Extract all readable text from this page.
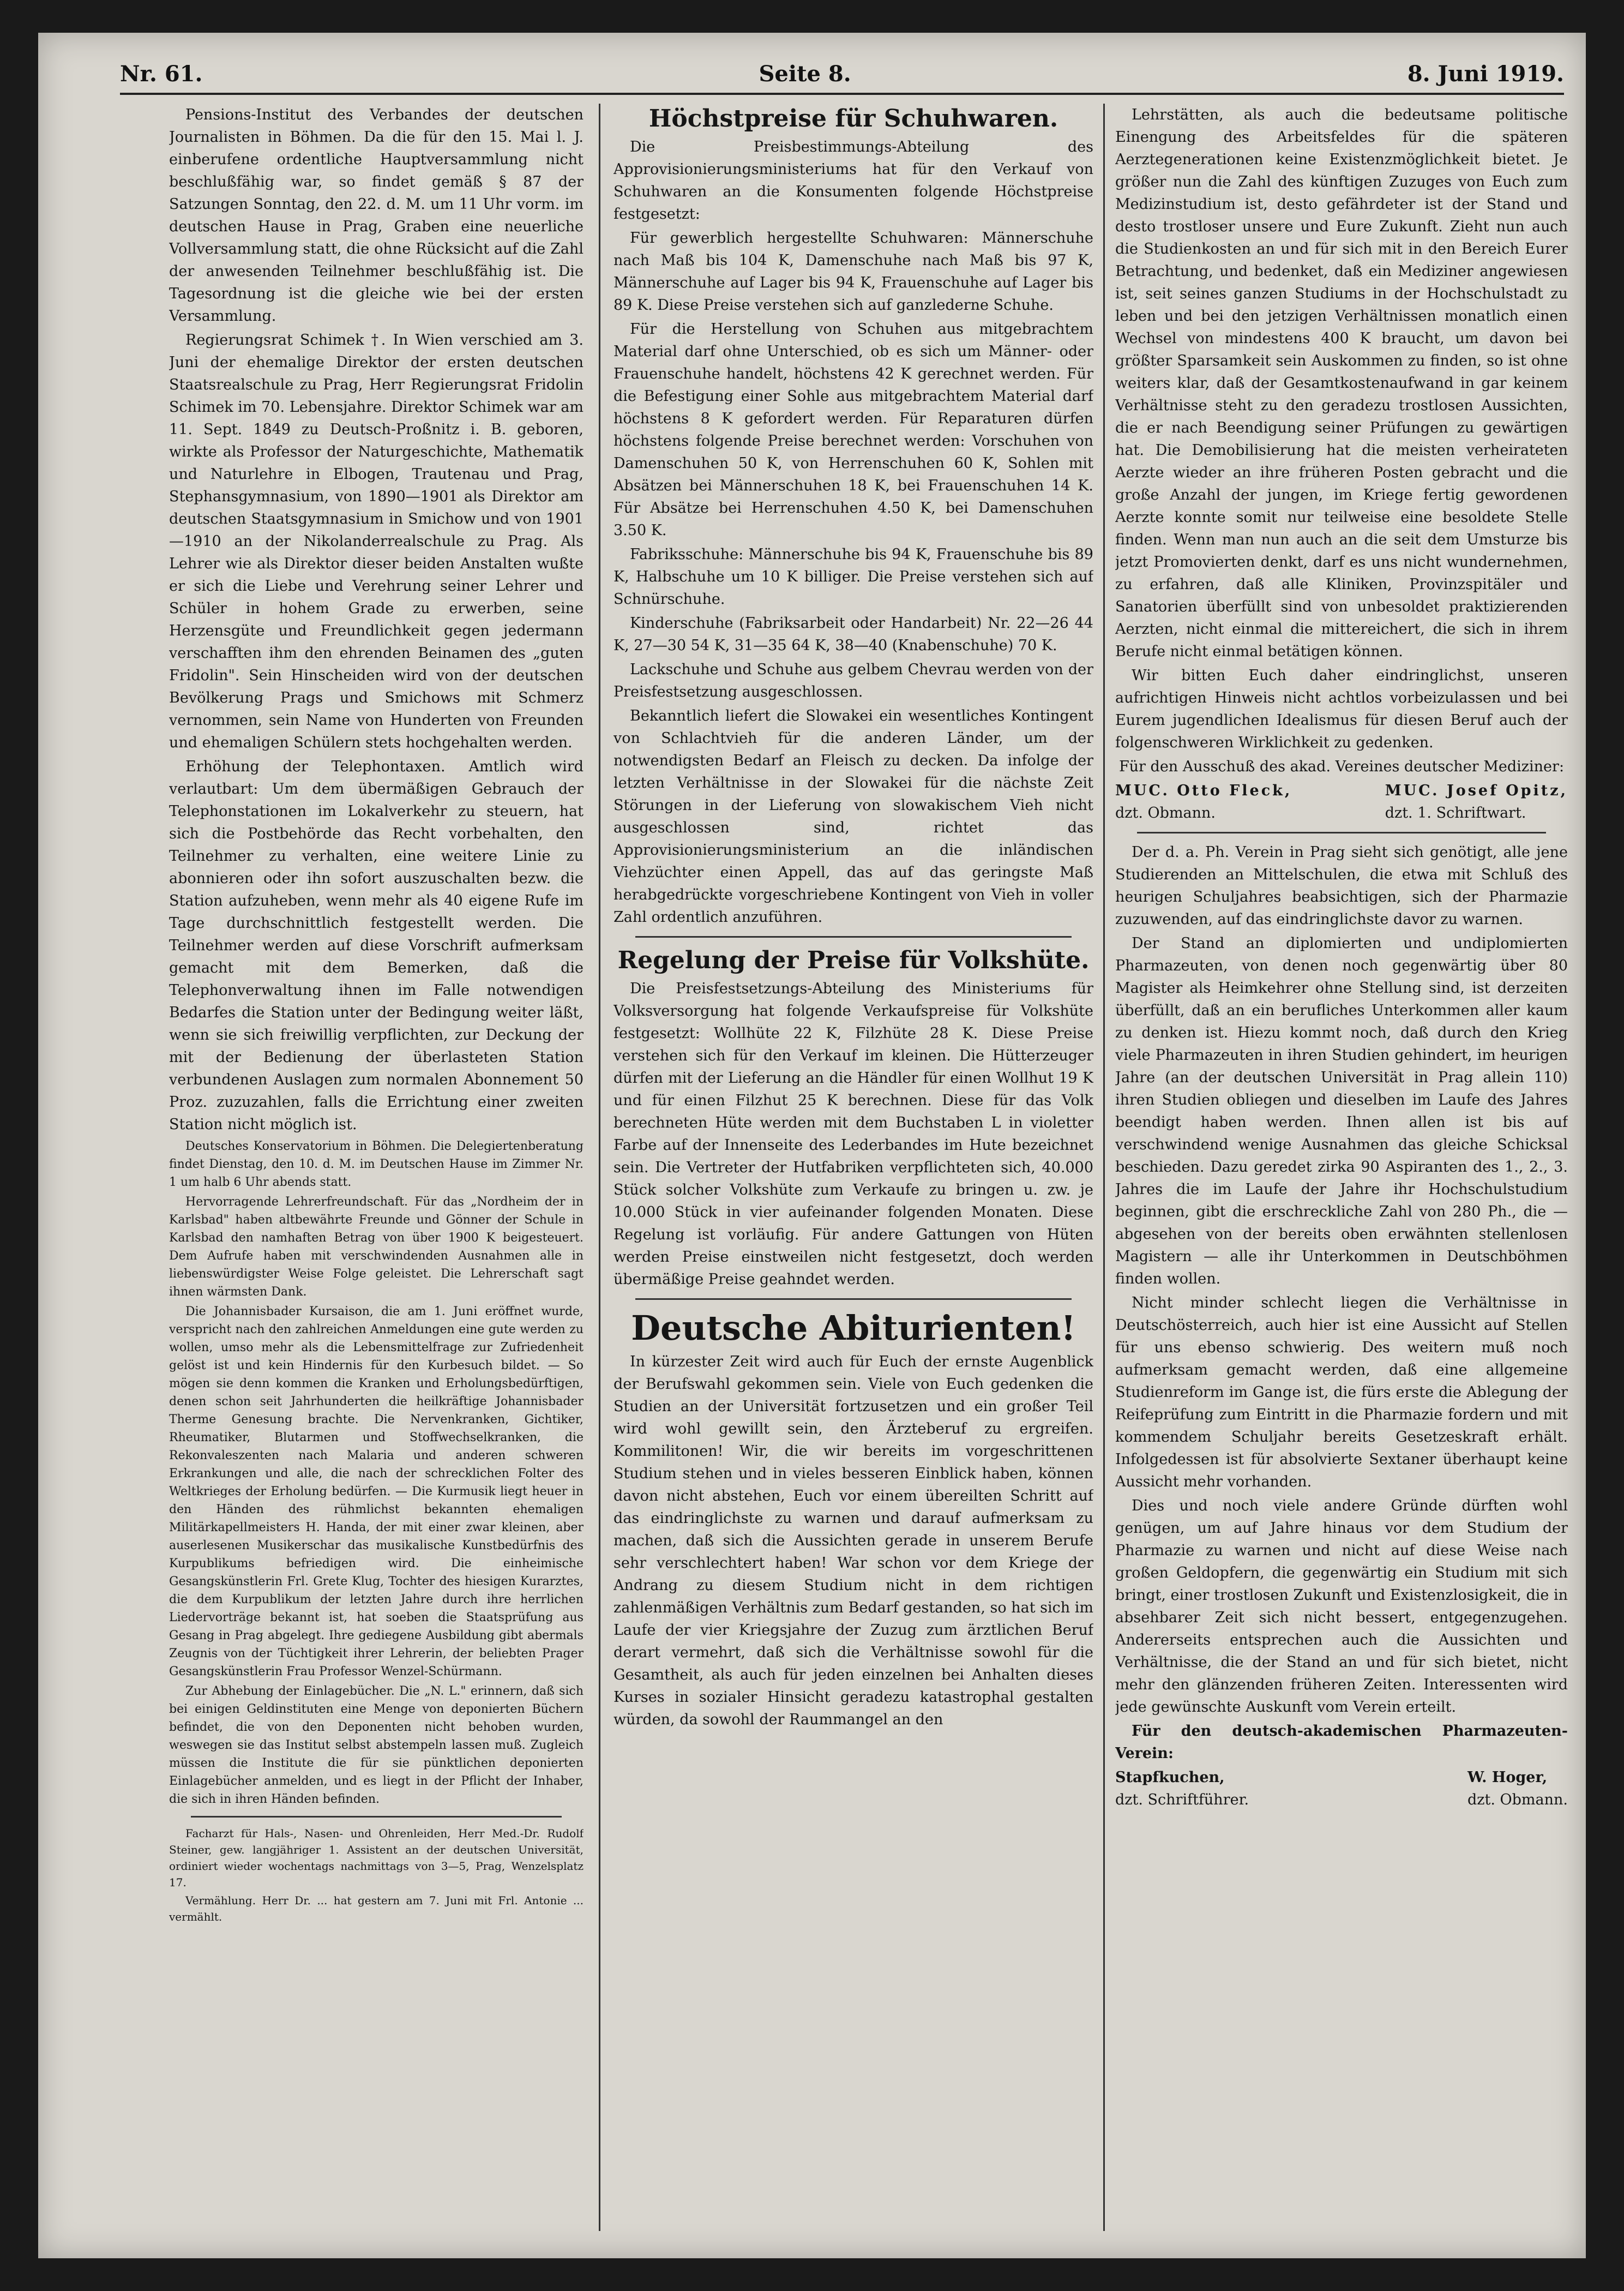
Nr. 61.	Seite 8.	8. Juni 1919.

Pensions-Institut des Verbandes der deutschen Journalisten in Böhmen. Da die für den 15. Mai l. J. einberufene ordentliche Hauptversammlung nicht beschlußfähig war, so findet gemäß § 87 der Satzungen Sonntag, den 22. d. M. um 11 Uhr vorm. im deutschen Hause in Prag, Graben eine neuerliche Vollversammlung statt, die ohne Rücksicht auf die Zahl der anwesenden Teilnehmer beschlußfähig ist. Die Tagesordnung ist die gleiche wie bei der ersten Versammlung.

Regierungsrat Schimek †. In Wien verschied am 3. Juni der ehemalige Direktor der ersten deutschen Staatsrealschule zu Prag, Herr Regierungsrat Fridolin Schimek im 70. Lebensjahre. Direktor Schimek war am 11. Sept. 1849 zu Deutsch-Proßnitz i. B. geboren, wirkte als Professor der Naturgeschichte, Mathematik und Naturlehre in Elbogen, Trautenau und Prag, Stephansgymnasium, von 1890—1901 als Direktor am deutschen Staatsgymnasium in Smichow und von 1901—1910 an der Nikolanderrealschule zu Prag. Als Lehrer wie als Direktor dieser beiden Anstalten wußte er sich die Liebe und Verehrung seiner Lehrer und Schüler in hohem Grade zu erwerben, seine Herzensgüte und Freundlichkeit gegen jedermann verschafften ihm den ehrenden Beinamen des „guten Fridolin". Sein Hinscheiden wird von der deutschen Bevölkerung Prags und Smichows mit Schmerz vernommen, sein Name von Hunderten von Freunden und ehemaligen Schülern stets hochgehalten werden.

Erhöhung der Telephontaxen. Amtlich wird verlautbart: Um dem übermäßigen Gebrauch der Telephonstationen im Lokalverkehr zu steuern, hat sich die Postbehörde das Recht vorbehalten, den Teilnehmer zu verhalten, eine weitere Linie zu abonnieren oder ihn sofort auszuschalten bezw. die Station aufzuheben, wenn mehr als 40 eigene Rufe im Tage durchschnittlich festgestellt werden. Die Teilnehmer werden auf diese Vorschrift aufmerksam gemacht mit dem Bemerken, daß die Telephonverwaltung ihnen im Falle notwendigen Bedarfes die Station unter der Bedingung weiter läßt, wenn sie sich freiwillig verpflichten, zur Deckung der mit der Bedienung der überlasteten Station verbundenen Auslagen zum normalen Abonnement 50 Proz. zuzuzahlen, falls die Errichtung einer zweiten Station nicht möglich ist.

Deutsches Konservatorium in Böhmen. Die Delegiertenberatung findet Dienstag, den 10. d. M. im Deutschen Hause im Zimmer Nr. 1 um halb 6 Uhr abends statt.

Hervorragende Lehrerfreundschaft. Für das „Nordheim der in Karlsbad" haben altbewährte Freunde und Gönner der Schule in Karlsbad den namhaften Betrag von über 1900 K beigesteuert. Dem Aufrufe haben mit verschwindenden Ausnahmen alle in liebenswürdigster Weise Folge geleistet. Die Lehrerschaft sagt ihnen wärmsten Dank.

Die Johannisbader Kursaison, die am 1. Juni eröffnet wurde, verspricht nach den zahlreichen Anmeldungen eine gute werden zu wollen, umso mehr als die Lebensmittelfrage zur Zufriedenheit gelöst ist und kein Hindernis für den Kurbesuch bildet. — So mögen sie denn kommen die Kranken und Erholungsbedürftigen, denen schon seit Jahrhunderten die heilkräftige Johannisbader Therme Genesung brachte. Die Nervenkranken, Gichtiker, Rheumatiker, Blutarmen und Stoffwechselkranken, die Rekonvaleszenten nach Malaria und anderen schweren Erkrankungen und alle, die nach der schrecklichen Folter des Weltkrieges der Erholung bedürfen. — Die Kurmusik liegt heuer in den Händen des rühmlichst bekannten ehemaligen Militärkapellmeisters H. Handa, der mit einer zwar kleinen, aber auserlesenen Musikerschar das musikalische Kunstbedürfnis des Kurpublikums befriedigen wird. Die einheimische Gesangskünstlerin Frl. Grete Klug, Tochter des hiesigen Kurarztes, die dem Kurpublikum der letzten Jahre durch ihre herrlichen Liedervorträge bekannt ist, hat soeben die Staatsprüfung aus Gesang in Prag abgelegt. Ihre gediegene Ausbildung gibt abermals Zeugnis von der Tüchtigkeit ihrer Lehrerin, der beliebten Prager Gesangskünstlerin Frau Professor Wenzel-Schürmann.

Zur Abhebung der Einlagebücher. Die „N. L." erinnern, daß sich bei einigen Geldinstituten eine Menge von deponierten Büchern befindet, die von den Deponenten nicht behoben wurden, weswegen sie das Institut selbst abstempeln lassen muß. Zugleich müssen die Institute die für sie pünktlichen deponierten Einlagebücher anmelden, und es liegt in der Pflicht der Inhaber, die sich in ihren Händen befinden.

Facharzt für Hals-, Nasen- und Ohrenleiden, Herr Med.-Dr. Rudolf Steiner, gew. langjähriger 1. Assistent an der deutschen Universität, ordiniert wieder wochentags nachmittags von 3—5, Prag, Wenzelsplatz 17.

Vermählung. Herr Dr. ... hat gestern am 7. Juni mit Frl. Antonie ... vermählt.

Höchstpreise für Schuhwaren.

Die Preisbestimmungs-Abteilung des Approvisionierungsministeriums hat für den Verkauf von Schuhwaren an die Konsumenten folgende Höchstpreise festgesetzt:

Für gewerblich hergestellte Schuhwaren: Männerschuhe nach Maß bis 104 K, Damenschuhe nach Maß bis 97 K, Männerschuhe auf Lager bis 94 K, Frauenschuhe auf Lager bis 89 K. Diese Preise verstehen sich auf ganzlederne Schuhe.

Für die Herstellung von Schuhen aus mitgebrachtem Material darf ohne Unterschied, ob es sich um Männer- oder Frauenschuhe handelt, höchstens 42 K gerechnet werden. Für die Befestigung einer Sohle aus mitgebrachtem Material darf höchstens 8 K gefordert werden. Für Reparaturen dürfen höchstens folgende Preise berechnet werden: Vorschuhen von Damenschuhen 50 K, von Herrenschuhen 60 K, Sohlen mit Absätzen bei Männerschuhen 18 K, bei Frauenschuhen 14 K. Für Absätze bei Herrenschuhen 4.50 K, bei Damenschuhen 3.50 K.

Fabriksschuhe: Männerschuhe bis 94 K, Frauenschuhe bis 89 K, Halbschuhe um 10 K billiger. Die Preise verstehen sich auf Schnürschuhe.

Kinderschuhe (Fabriksarbeit oder Handarbeit) Nr. 22—26 44 K, 27—30 54 K, 31—35 64 K, 38—40 (Knabenschuhe) 70 K.

Lackschuhe und Schuhe aus gelbem Chevrau werden von der Preisfestsetzung ausgeschlossen.

Bekanntlich liefert die Slowakei ein wesentliches Kontingent von Schlachtvieh für die anderen Länder, um der notwendigsten Bedarf an Fleisch zu decken. Da infolge der letzten Verhältnisse in der Slowakei für die nächste Zeit Störungen in der Lieferung von slowakischem Vieh nicht ausgeschlossen sind, richtet das Approvisionierungsministerium an die inländischen Viehzüchter einen Appell, das auf das geringste Maß herabgedrückte vorgeschriebene Kontingent von Vieh in voller Zahl ordentlich anzuführen.

Regelung der Preise für Volkshüte.

Die Preisfestsetzungs-Abteilung des Ministeriums für Volksversorgung hat folgende Verkaufspreise für Volkshüte festgesetzt: Wollhüte 22 K, Filzhüte 28 K. Diese Preise verstehen sich für den Verkauf im kleinen. Die Hütterzeuger dürfen mit der Lieferung an die Händler für einen Wollhut 19 K und für einen Filzhut 25 K berechnen. Diese für das Volk berechneten Hüte werden mit dem Buchstaben L in violetter Farbe auf der Innenseite des Lederbandes im Hute bezeichnet sein. Die Vertreter der Hutfabriken verpflichteten sich, 40.000 Stück solcher Volkshüte zum Verkaufe zu bringen u. zw. je 10.000 Stück in vier aufeinander folgenden Monaten. Diese Regelung ist vorläufig. Für andere Gattungen von Hüten werden Preise einstweilen nicht festgesetzt, doch werden übermäßige Preise geahndet werden.

Deutsche Abiturienten!

In kürzester Zeit wird auch für Euch der ernste Augenblick der Berufswahl gekommen sein. Viele von Euch gedenken die Studien an der Universität fortzusetzen und ein großer Teil wird wohl gewillt sein, den Ärzteberuf zu ergreifen. Kommilitonen! Wir, die wir bereits im vorgeschrittenen Studium stehen und in vieles besseren Einblick haben, können davon nicht abstehen, Euch vor einem übereilten Schritt auf das eindringlichste zu warnen und darauf aufmerksam zu machen, daß sich die Aussichten gerade in unserem Berufe sehr verschlechtert haben! War schon vor dem Kriege der Andrang zu diesem Studium nicht in dem richtigen zahlenmäßigen Verhältnis zum Bedarf gestanden, so hat sich im Laufe der vier Kriegsjahre der Zuzug zum ärztlichen Beruf derart vermehrt, daß sich die Verhältnisse sowohl für die Gesamtheit, als auch für jeden einzelnen bei Anhalten dieses Kurses in sozialer Hinsicht geradezu katastrophal gestalten würden, da sowohl der Raummangel an den

Lehrstätten, als auch die bedeutsame politische Einengung des Arbeitsfeldes für die späteren Aerztegenerationen keine Existenzmöglichkeit bietet. Je größer nun die Zahl des künftigen Zuzuges von Euch zum Medizinstudium ist, desto gefährdeter ist der Stand und desto trostloser unsere und Eure Zukunft. Zieht nun auch die Studienkosten an und für sich mit in den Bereich Eurer Betrachtung, und bedenket, daß ein Mediziner angewiesen ist, seit seines ganzen Studiums in der Hochschulstadt zu leben und bei den jetzigen Verhältnissen monatlich einen Wechsel von mindestens 400 K braucht, um davon bei größter Sparsamkeit sein Auskommen zu finden, so ist ohne weiters klar, daß der Gesamtkostenaufwand in gar keinem Verhältnisse steht zu den geradezu trostlosen Aussichten, die er nach Beendigung seiner Prüfungen zu gewärtigen hat. Die Demobilisierung hat die meisten verheirateten Aerzte wieder an ihre früheren Posten gebracht und die große Anzahl der jungen, im Kriege fertig gewordenen Aerzte konnte somit nur teilweise eine besoldete Stelle finden. Wenn man nun auch an die seit dem Umsturze bis jetzt Promovierten denkt, darf es uns nicht wundernehmen, zu erfahren, daß alle Kliniken, Provinzspitäler und Sanatorien überfüllt sind von unbesoldet praktizierenden Aerzten, nicht einmal die mittereichert, die sich in ihrem Berufe nicht einmal betätigen können.

Wir bitten Euch daher eindringlichst, unseren aufrichtigen Hinweis nicht achtlos vorbeizulassen und bei Eurem jugendlichen Idealismus für diesen Beruf auch der folgenschweren Wirklichkeit zu gedenken.

Für den Ausschuß des akad. Vereines deutscher Mediziner:

MUC. Otto Fleck,
dzt. Obmann.
MUC. Josef Opitz,
dzt. 1. Schriftwart.

Der d. a. Ph. Verein in Prag sieht sich genötigt, alle jene Studierenden an Mittelschulen, die etwa mit Schluß des heurigen Schuljahres beabsichtigen, sich der Pharmazie zuzuwenden, auf das eindringlichste davor zu warnen.

Der Stand an diplomierten und undiplomierten Pharmazeuten, von denen noch gegenwärtig über 80 Magister als Heimkehrer ohne Stellung sind, ist derzeiten überfüllt, daß an ein berufliches Unterkommen aller kaum zu denken ist. Hiezu kommt noch, daß durch den Krieg viele Pharmazeuten in ihren Studien gehindert, im heurigen Jahre (an der deutschen Universität in Prag allein 110) ihren Studien obliegen und dieselben im Laufe des Jahres beendigt haben werden. Ihnen allen ist bis auf verschwindend wenige Ausnahmen das gleiche Schicksal beschieden. Dazu geredet zirka 90 Aspiranten des 1., 2., 3. Jahres die im Laufe der Jahre ihr Hochschulstudium beginnen, gibt die erschreckliche Zahl von 280 Ph., die — abgesehen von der bereits oben erwähnten stellenlosen Magistern — alle ihr Unterkommen in Deutschböhmen finden wollen.

Nicht minder schlecht liegen die Verhältnisse in Deutschösterreich, auch hier ist eine Aussicht auf Stellen für uns ebenso schwierig. Des weitern muß noch aufmerksam gemacht werden, daß eine allgemeine Studienreform im Gange ist, die fürs erste die Ablegung der Reifeprüfung zum Eintritt in die Pharmazie fordern und mit kommendem Schuljahr bereits Gesetzeskraft erhält. Infolgedessen ist für absolvierte Sextaner überhaupt keine Aussicht mehr vorhanden.

Dies und noch viele andere Gründe dürften wohl genügen, um auf Jahre hinaus vor dem Studium der Pharmazie zu warnen und nicht auf diese Weise nach großen Geldopfern, die gegenwärtig ein Studium mit sich bringt, einer trostlosen Zukunft und Existenzlosigkeit, die in absehbarer Zeit sich nicht bessert, entgegenzugehen. Andererseits entsprechen auch die Aussichten und Verhältnisse, die der Stand an und für sich bietet, nicht mehr den glänzenden früheren Zeiten. Interessenten wird jede gewünschte Auskunft vom Verein erteilt.

Für den deutsch-akademischen Pharmazeuten-Verein:

Stapfkuchen,
dzt. Schriftführer.
W. Hoger,
dzt. Obmann.
